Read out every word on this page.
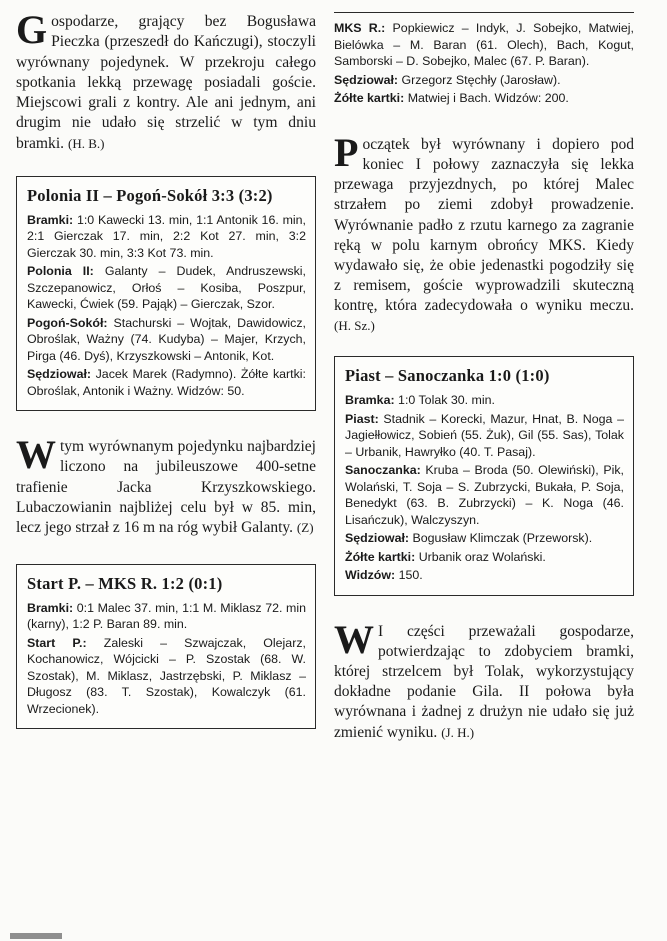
Gospodarze, grający bez Bogusława Pieczka (przeszedł do Kańczugi), stoczyli wyrównany pojedynek. W przekroju całego spotkania lekką przewagę posiadali goście. Miejscowi grali z kontry. Ale ani jednym, ani drugim nie udało się strzelić w tym dniu bramki. (H. B.)

Polonia II – Pogoń-Sokół 3:3 (3:2)
Bramki: 1:0 Kawecki 13. min, 1:1 Antonik 16. min, 2:1 Gierczak 17. min, 2:2 Kot 27. min, 3:2 Gierczak 30. min, 3:3 Kot 73. min.
Polonia II: Galanty – Dudek, Andruszewski, Szczepanowicz, Orłoś – Kosiba, Poszpur, Kawecki, Ćwiek (59. Pająk) – Gierczak, Szor.
Pogoń-Sokół: Stachurski – Wojtak, Dawidowicz, Obroślak, Ważny (74. Kudyba) – Majer, Krzych, Pirga (46. Dyś), Krzyszkowski – Antonik, Kot.
Sędziował: Jacek Marek (Radymno). Żółte kartki: Obroślak, Antonik i Ważny. Widzów: 50.

Wtym wyrównanym pojedynku najbardziej liczono na jubileuszowe 400-setne trafienie Jacka Krzyszkowskiego. Lubaczowianin najbliżej celu był w 85. min, lecz jego strzał z 16 m na róg wybił Galanty. (Z)

Start P. – MKS R. 1:2 (0:1)
Bramki: 0:1 Malec 37. min, 1:1 M. Miklasz 72. min (karny), 1:2 P. Baran 89. min.
Start P.: Zaleski – Szwajczak, Olejarz, Kochanowicz, Wójcicki – P. Szostak (68. W. Szostak), M. Miklasz, Jastrzębski, P. Miklasz – Długosz (83. T. Szostak), Kowalczyk (61. Wrzecionek).
MKS R.: Popkiewicz – Indyk, J. Sobejko, Matwiej, Bielówka – M. Baran (61. Olech), Bach, Kogut, Samborski – D. Sobejko, Malec (67. P. Baran).
Sędziował: Grzegorz Stęchły (Jarosław).
Żółte kartki: Matwiej i Bach. Widzów: 200.

Początek był wyrównany i dopiero pod koniec I połowy zaznaczyła się lekka przewaga przyjezdnych, po której Malec strzałem po ziemi zdobył prowadzenie. Wyrównanie padło z rzutu karnego za zagranie ręką w polu karnym obrońcy MKS. Kiedy wydawało się, że obie jedenastki pogodziły się z remisem, goście wyprowadzili skuteczną kontrę, która zadecydowała o wyniku meczu. (H. Sz.)

Piast – Sanoczanka 1:0 (1:0)
Bramka: 1:0 Tolak 30. min.
Piast: Stadnik – Korecki, Mazur, Hnat, B. Noga – Jagiełłowicz, Sobień (55. Żuk), Gil (55. Sas), Tolak – Urbanik, Hawryłko (40. T. Pasaj).
Sanoczanka: Kruba – Broda (50. Olewiński), Pik, Wolański, T. Soja – S. Zubrzycki, Bukała, P. Soja, Benedykt (63. B. Zubrzycki) – K. Noga (46. Lisańczuk), Walczyszyn.
Sędziował: Bogusław Klimczak (Przeworsk).
Żółte kartki: Urbanik oraz Wolański.
Widzów: 150.

W I części przeważali gospodarze, potwierdzając to zdobyciem bramki, której strzelcem był Tolak, wykorzystujący dokładne podanie Gila. II połowa była wyrównana i żadnej z drużyn nie udało się już zmienić wyniku. (J. H.)
